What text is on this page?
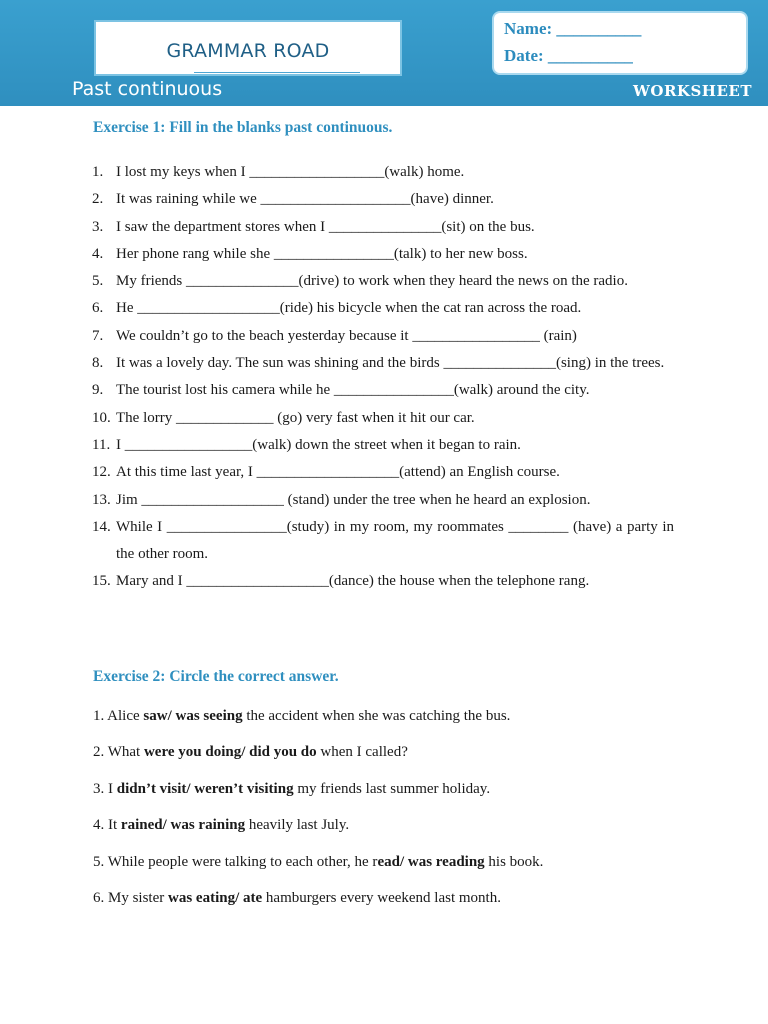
GRAMMAR ROAD
Name: __________
Date: __________
Past continuous	WORKSHEET
Exercise 1: Fill in the blanks past continuous.
1. I lost my keys when I __________________(walk) home.
2. It was raining while we ____________________(have) dinner.
3. I saw the department stores when I _______________(sit) on the bus.
4. Her phone rang while she ________________(talk) to her new boss.
5. My friends _______________(drive) to work when they heard the news on the radio.
6. He ___________________(ride) his bicycle when the cat ran across the road.
7. We couldn’t go to the beach yesterday because it _________________ (rain)
8. It was a lovely day. The sun was shining and the birds _______________(sing) in the trees.
9. The tourist lost his camera while he ________________(walk) around the city.
10. The lorry _____________ (go) very fast when it hit our car.
11. I _________________(walk) down the street when it began to rain.
12. At this time last year, I ___________________(attend) an English course.
13. Jim ___________________ (stand) under the tree when he heard an explosion.
14. While I ________________(study) in my room, my roommates ________ (have) a party in the other room.
15. Mary and I ___________________(dance) the house when the telephone rang.
Exercise 2: Circle the correct answer.
1. Alice saw/ was seeing the accident when she was catching the bus.
2. What were you doing/ did you do when I called?
3. I didn’t visit/ weren’t visiting my friends last summer holiday.
4. It rained/ was raining heavily last July.
5. While people were talking to each other, he read/ was reading his book.
6. My sister was eating/ ate hamburgers every weekend last month.
